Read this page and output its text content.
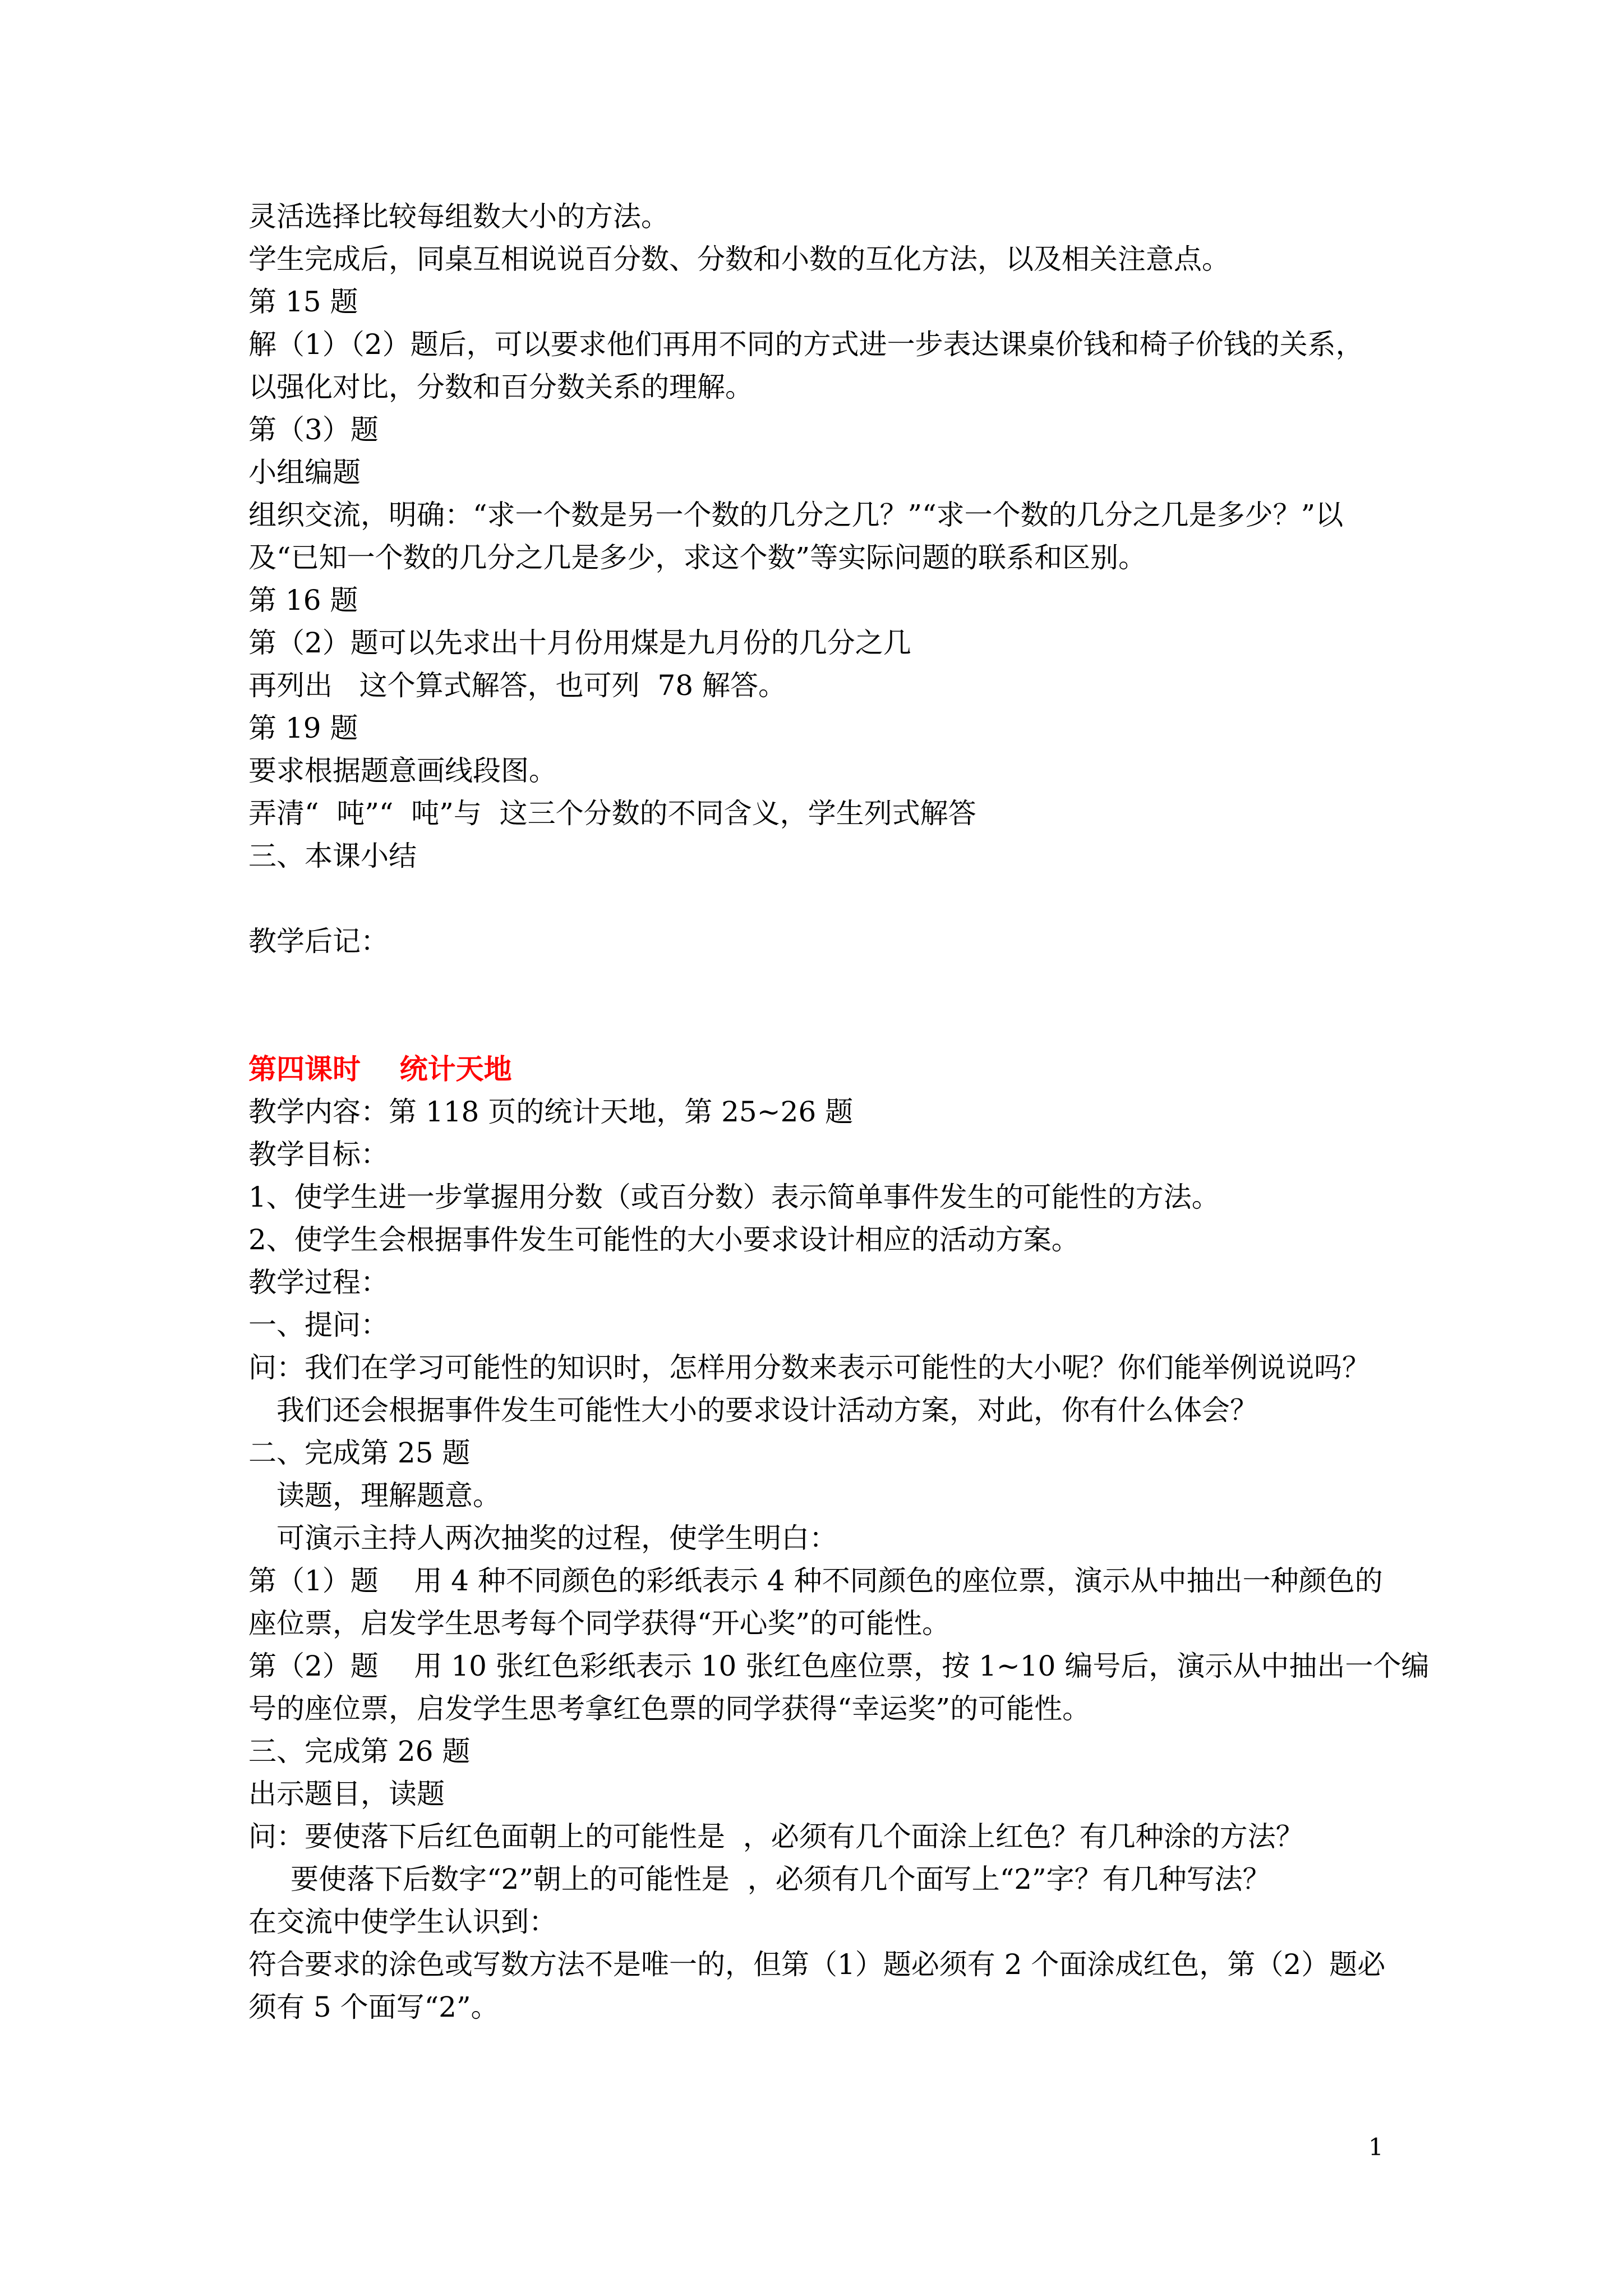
灵活选择比较每组数大小的方法。
学生完成后，同桌互相说说百分数、分数和小数的互化方法，以及相关注意点。
第 15 题
解（1）（2）题后，可以要求他们再用不同的方式进一步表达课桌价钱和椅子价钱的关系，
以强化对比，分数和百分数关系的理解。
第（3）题
小组编题
组织交流，明确：“求一个数是另一个数的几分之几？”“求一个数的几分之几是多少？”以
及“已知一个数的几分之几是多少，求这个数”等实际问题的联系和区别。
第 16 题
第（2）题可以先求出十月份用煤是九月份的几分之几
再列出   这个算式解答，也可列  78 解答。
第 19 题
要求根据题意画线段图。
弄清“  吨”“  吨”与  这三个分数的不同含义，学生列式解答
三、本课小结
教学后记：
第四课时    统计天地
教学内容：第 118 页的统计天地，第 25~26 题
教学目标：
1、使学生进一步掌握用分数（或百分数）表示简单事件发生的可能性的方法。
2、使学生会根据事件发生可能性的大小要求设计相应的活动方案。
教学过程：
一、提问：
问：我们在学习可能性的知识时，怎样用分数来表示可能性的大小呢？你们能举例说说吗？
我们还会根据事件发生可能性大小的要求设计活动方案，对此，你有什么体会？
二、完成第 25 题
读题，理解题意。
可演示主持人两次抽奖的过程，使学生明白：
第（1）题    用 4 种不同颜色的彩纸表示 4 种不同颜色的座位票，演示从中抽出一种颜色的
座位票，启发学生思考每个同学获得“开心奖”的可能性。
第（2）题    用 10 张红色彩纸表示 10 张红色座位票，按 1~10 编号后，演示从中抽出一个编
号的座位票，启发学生思考拿红色票的同学获得“幸运奖”的可能性。
三、完成第 26 题
出示题目，读题
问：要使落下后红色面朝上的可能性是  ，必须有几个面涂上红色？有几种涂的方法？
要使落下后数字“2”朝上的可能性是  ，必须有几个面写上“2”字？有几种写法？
在交流中使学生认识到：
符合要求的涂色或写数方法不是唯一的，但第（1）题必须有 2 个面涂成红色，第（2）题必
须有 5 个面写“2”。
1
